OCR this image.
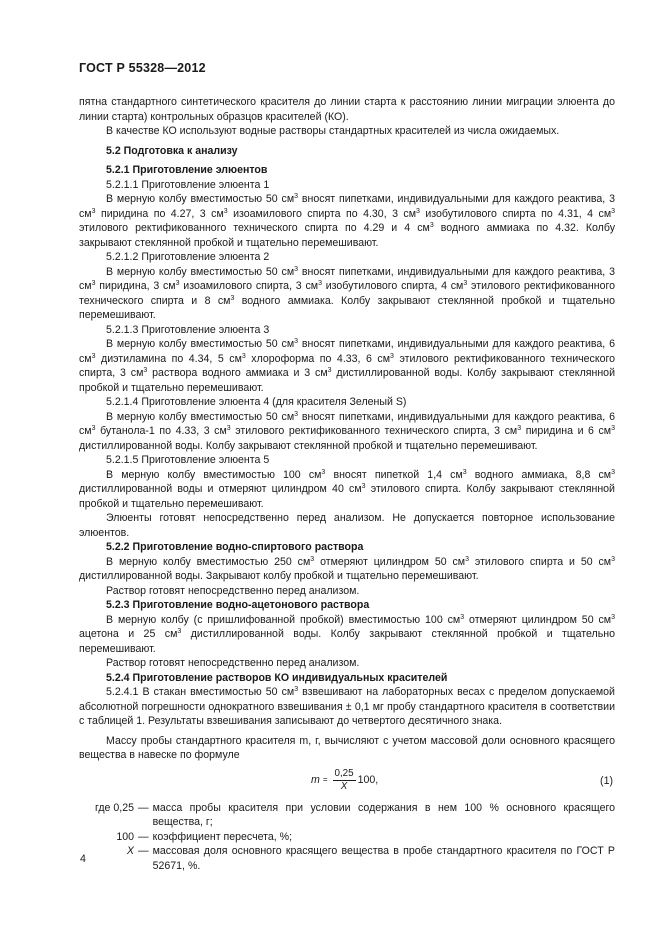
ГОСТ Р 55328—2012

пятна стандартного синтетического красителя до линии старта к расстоянию линии миграции элюента до линии старта) контрольных образцов красителей (КО).

В качестве КО используют водные растворы стандартных красителей из числа ожидаемых.

5.2 Подготовка к анализу

5.2.1 Приготовление элюентов

5.2.1.1 Приготовление элюента 1

В мерную колбу вместимостью 50 $см^3$ вносят пипетками, индивидуальными для каждого реактива, 3 $см^3$ пиридина по 4.27, 3 $см^3$ изоамилового спирта по 4.30, 3 $см^3$ изобутилового спирта по 4.31, 4 $см^3$ этилового ректификованного технического спирта по 4.29 и 4 $см^3$ водного аммиака по 4.32. Колбу закрывают стеклянной пробкой и тщательно перемешивают.

5.2.1.2 Приготовление элюента 2

В мерную колбу вместимостью 50 $см^3$ вносят пипетками, индивидуальными для каждого реактива, 3 $см^3$ пиридина, 3 $см^3$ изоамилового спирта, 3 $см^3$ изобутилового спирта, 4 $см^3$ этилового ректификованного технического спирта и 8 $см^3$ водного аммиака. Колбу закрывают стеклянной пробкой и тщательно перемешивают.

5.2.1.3 Приготовление элюента 3

В мерную колбу вместимостью 50 $см^3$ вносят пипетками, индивидуальными для каждого реактива, 6 $см^3$ диэтиламина по 4.34, 5 $см^3$ хлороформа по 4.33, 6 $см^3$ этилового ректификованного технического спирта, 3 $см^3$ раствора водного аммиака и 3 $см^3$ дистиллированной воды. Колбу закрывают стеклянной пробкой и тщательно перемешивают.

5.2.1.4 Приготовление элюента 4 (для красителя Зеленый S)

В мерную колбу вместимостью 50 $см^3$ вносят пипетками, индивидуальными для каждого реактива, 6 $см^3$ бутанола-1 по 4.33, 3 $см^3$ этилового ректификованного технического спирта, 3 $см^3$ пиридина и 6 $см^3$ дистиллированной воды. Колбу закрывают стеклянной пробкой и тщательно перемешивают.

5.2.1.5 Приготовление элюента 5

В мерную колбу вместимостью 100 $см^3$ вносят пипеткой 1,4 $см^3$ водного аммиака, 8,8 $см^3$ дистиллированной воды и отмеряют цилиндром 40 $см^3$ этилового спирта. Колбу закрывают стеклянной пробкой и тщательно перемешивают.

Элюенты готовят непосредственно перед анализом. Не допускается повторное использование элюентов.

5.2.2 Приготовление водно-спиртового раствора

В мерную колбу вместимостью 250 $см^3$ отмеряют цилиндром 50 $см^3$ этилового спирта и 50 $см^3$ дистиллированной воды. Закрывают колбу пробкой и тщательно перемешивают.

Раствор готовят непосредственно перед анализом.

5.2.3 Приготовление водно-ацетонового раствора

В мерную колбу (с пришлифованной пробкой) вместимостью 100 $см^3$ отмеряют цилиндром 50 $см^3$ ацетона и 25 $см^3$ дистиллированной воды. Колбу закрывают стеклянной пробкой и тщательно перемешивают.

Раствор готовят непосредственно перед анализом.

5.2.4 Приготовление растворов КО индивидуальных красителей

5.2.4.1 В стакан вместимостью 50 $см^3$ взвешивают на лабораторных весах с пределом допускаемой абсолютной погрешности однократного взвешивания ± 0,1 мг пробу стандартного красителя в соответствии с таблицей 1. Результаты взвешивания записывают до четвертого десятичного знака.

Массу пробы стандартного красителя m, г, вычисляют с учетом массовой доли основного красящего вещества в навеске по формуле

$m = \frac{0,25}{X} 100$,	(1)
где 0,25 — масса пробы красителя при условии содержания в нем 100 % основного красящего вещества, г;
100 — коэффициент пересчета, %;
X — массовая доля основного красящего вещества в пробе стандартного красителя по ГОСТ Р 52671, %.
4
